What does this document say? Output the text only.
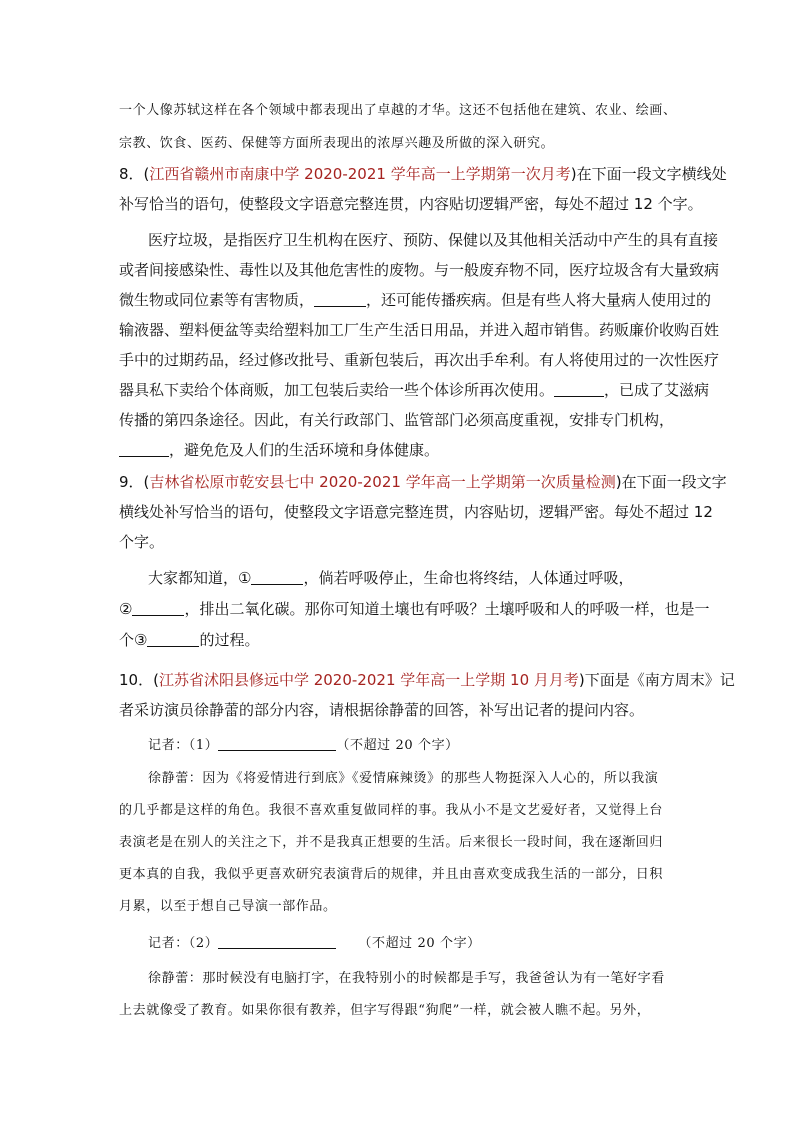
一个人像苏轼这样在各个领域中都表现出了卓越的才华。这还不包括他在建筑、农业、绘画、
宗教、饮食、医药、保健等方面所表现出的浓厚兴趣及所做的深入研究。
8．(江西省赣州市南康中学 2020-2021 学年高一上学期第一次月考)在下面一段文字横线处
补写恰当的语句，使整段文字语意完整连贯，内容贴切逻辑严密，每处不超过 12 个字。
医疗垃圾，是指医疗卫生机构在医疗、预防、保健以及其他相关活动中产生的具有直接
或者间接感染性、毒性以及其他危害性的废物。与一般废弃物不同，医疗垃圾含有大量致病
微生物或同位素等有害物质，	，还可能传播疾病。但是有些人将大量病人使用过的
输液器、塑料便盆等卖给塑料加工厂生产生活日用品，并进入超市销售。药贩廉价收购百姓
手中的过期药品，经过修改批号、重新包装后，再次出手牟利。有人将使用过的一次性医疗
器具私下卖给个体商贩，加工包装后卖给一些个体诊所再次使用。	，已成了艾滋病
传播的第四条途径。因此，有关行政部门、监管部门必须高度重视，安排专门机构，
，避免危及人们的生活环境和身体健康。
9．(吉林省松原市乾安县七中 2020-2021 学年高一上学期第一次质量检测)在下面一段文字
横线处补写恰当的语句，使整段文字语意完整连贯，内容贴切，逻辑严密。每处不超过 12
个字。
大家都知道，①	，倘若呼吸停止，生命也将终结，人体通过呼吸，
②	，排出二氧化碳。那你可知道土壤也有呼吸？土壤呼吸和人的呼吸一样，也是一
个③	的过程。
10．(江苏省沭阳县修远中学 2020-2021 学年高一上学期 10 月月考)下面是《南方周末》记
者采访演员徐静蕾的部分内容，请根据徐静蕾的回答，补写出记者的提问内容。
记者：（1）	（不超过 20 个字）
徐静蕾：因为《将爱情进行到底》《爱情麻辣烫》的那些人物挺深入人心的，所以我演
的几乎都是这样的角色。我很不喜欢重复做同样的事。我从小不是文艺爱好者，又觉得上台
表演老是在别人的关注之下，并不是我真正想要的生活。后来很长一段时间，我在逐渐回归
更本真的自我，我似乎更喜欢研究表演背后的规律，并且由喜欢变成我生活的一部分，日积
月累，以至于想自己导演一部作品。
记者：（2）	（不超过 20 个字）
徐静蕾：那时候没有电脑打字，在我特别小的时候都是手写，我爸爸认为有一笔好字看
上去就像受了教育。如果你很有教养，但字写得跟“狗爬”一样，就会被人瞧不起。另外，
